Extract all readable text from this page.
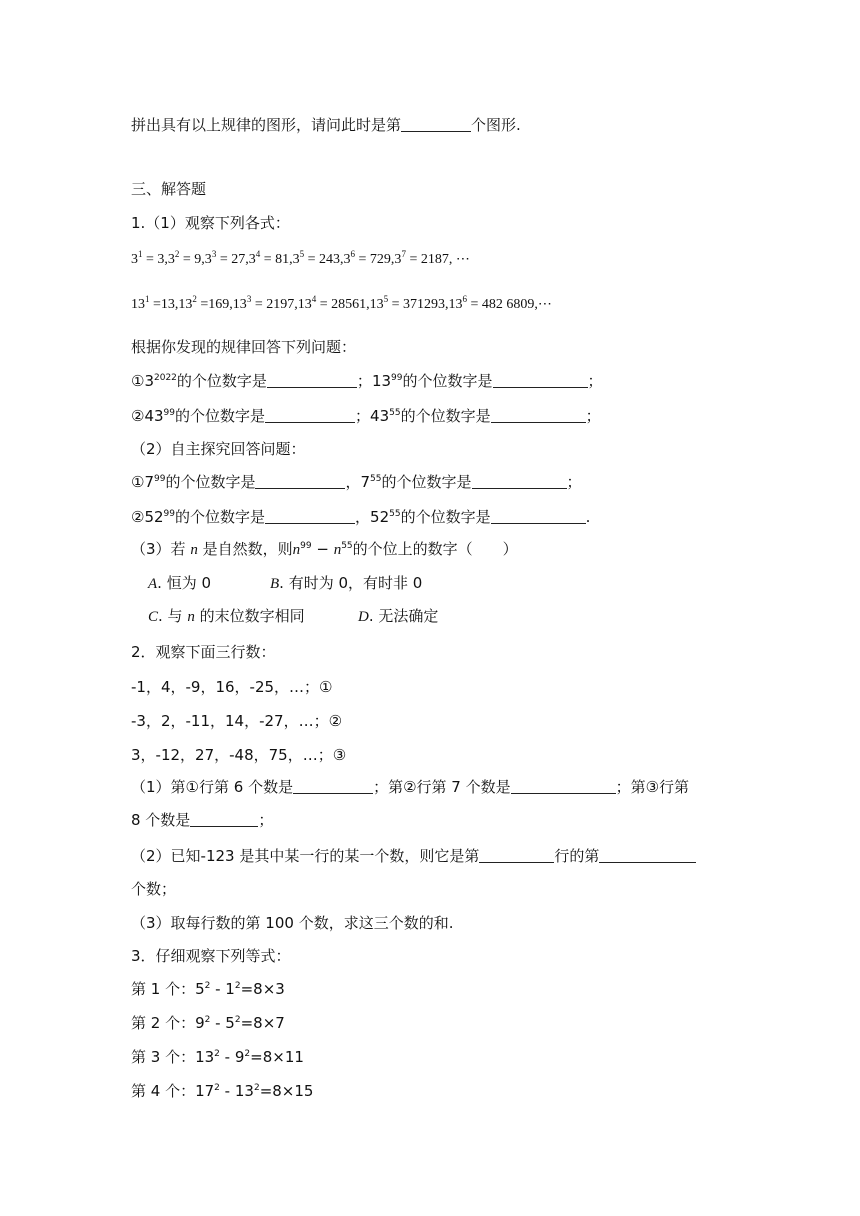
拼出具有以上规律的图形，请问此时是第	个图形.
三、解答题
1.（1）观察下列各式：
$3^1 = 3,3^2 = 9,3^3 = 27,3^4 = 81,3^5 = 243,3^6 = 729,3^7 = 2187$, ⋯
$13^1 =13,13^2 =169,13^3 = 2197,13^4 = 28561,13^5 = 371293,13^6 = 482$ 6809,⋯
根据你发现的规律回答下列问题：
$①3^{2022}$的个位数字是	；$13^{99}$的个位数字是	；
$②43^{99}$的个位数字是	；$43^{55}$的个位数字是	；
（2）自主探究回答问题：
$①7^{99}$的个位数字是	，$7^{55}$的个位数字是	；
$②52^{99}$的个位数字是	，$52^{55}$的个位数字是	.
（3）若 n 是自然数，则$n^{99} - n^{55}$的个位上的数字（　　）
A. 恒为 0	B. 有时为 0，有时非 0
C. 与 n 的末位数字相同	D. 无法确定
2．观察下面三行数：
-1，4，-9，16，-25，…；①
-3，2，-11，14，-27，…；②
3，-12，27，-48，75，…；③
（1）第①行第 6 个数是	；第②行第 7 个数是	；第③行第
8 个数是	；
（2）已知-123 是其中某一行的某一个数，则它是第	行的第
个数；
（3）取每行数的第 100 个数，求这三个数的和.
3．仔细观察下列等式：
第 1 个：$5^2 - 1^2=8\times 3$
第 2 个：$9^2 - 5^2=8\times 7$
第 3 个：$13^2 - 9^2=8\times 11$
第 4 个：$17^2 - 13^2=8\times 15$
